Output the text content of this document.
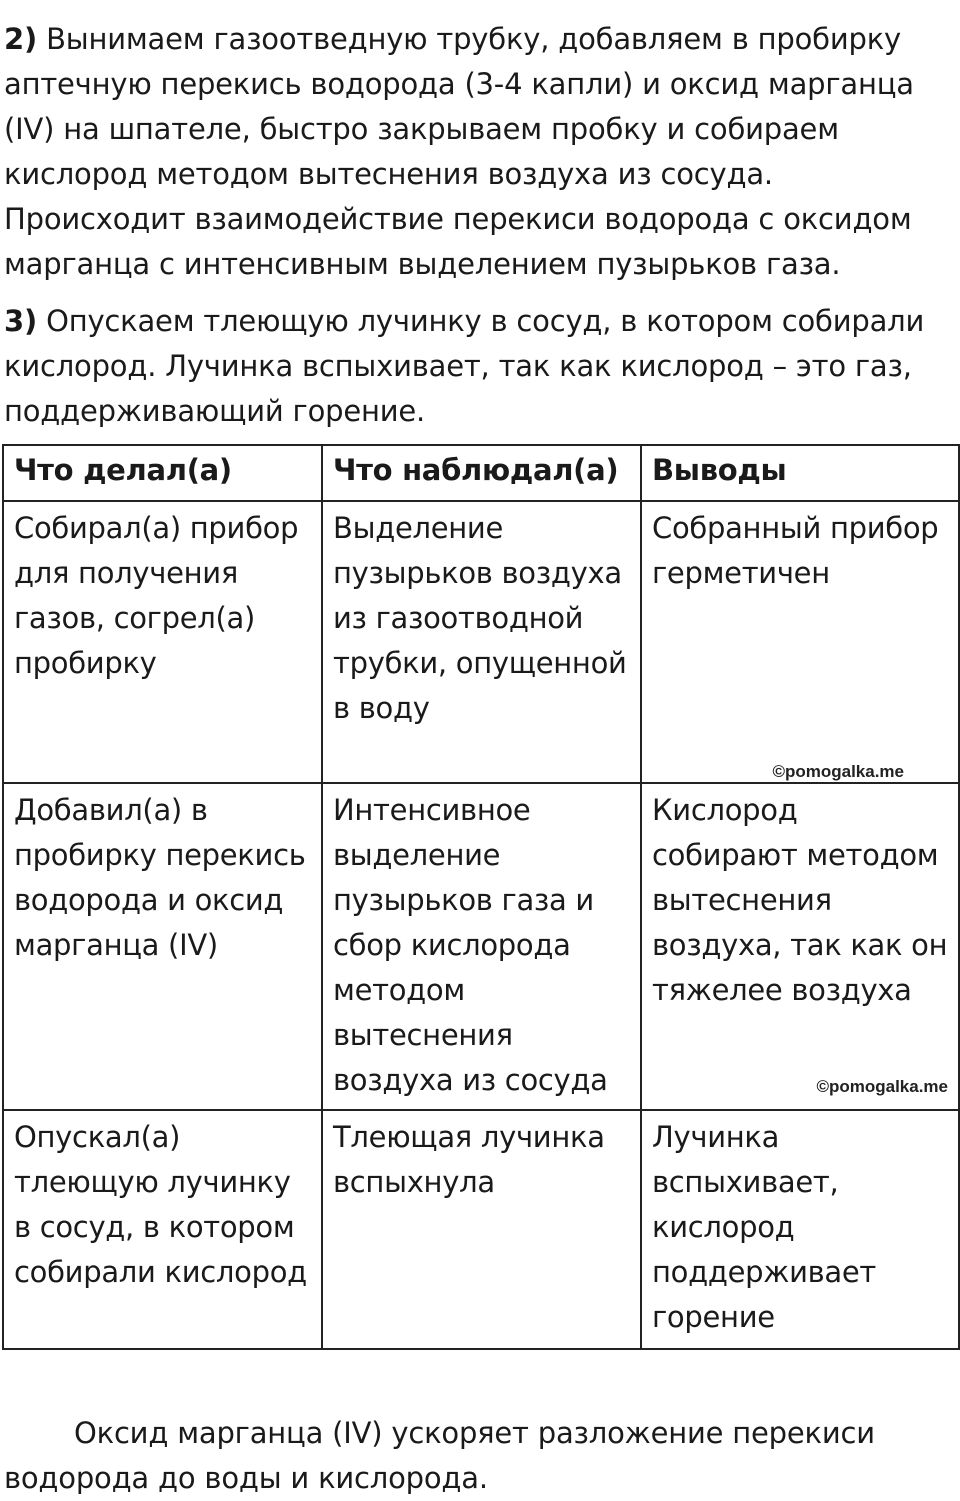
2) Вынимаем газоотведную трубку, добавляем в пробирку аптечную перекись водорода (3-4 капли) и оксид марганца (IV) на шпателе, быстро закрываем пробку и собираем кислород методом вытеснения воздуха из сосуда. Происходит взаимодействие перекиси водорода с оксидом марганца с интенсивным выделением пузырьков газа.

3) Опускаем тлеющую лучинку в сосуд, в котором собирали кислород. Лучинка вспыхивает, так как кислород – это газ, поддерживающий горение.

Что делал(а)	Что наблюдал(а)	Выводы
Собирал(а) прибор для получения газов, согрел(а) пробирку	Выделение пузырьков воздуха из газоотводной трубки, опущенной в воду	Собранный прибор герметичен
©pomogalka.me

Добавил(а) в пробирку перекись водорода и оксид марганца (IV)	Интенсивное выделение пузырьков газа и сбор кислорода методом вытеснения воздуха из сосуда	Кислород собирают методом вытеснения воздуха, так как он тяжелее воздуха
©pomogalka.me

Опускал(а) тлеющую лучинку в сосуд, в котором собирали кислород	Тлеющая лучинка вспыхнула	Лучинка вспыхивает, кислород поддерживает горение

Оксид марганца (IV) ускоряет разложение перекиси водорода до воды и кислорода.
